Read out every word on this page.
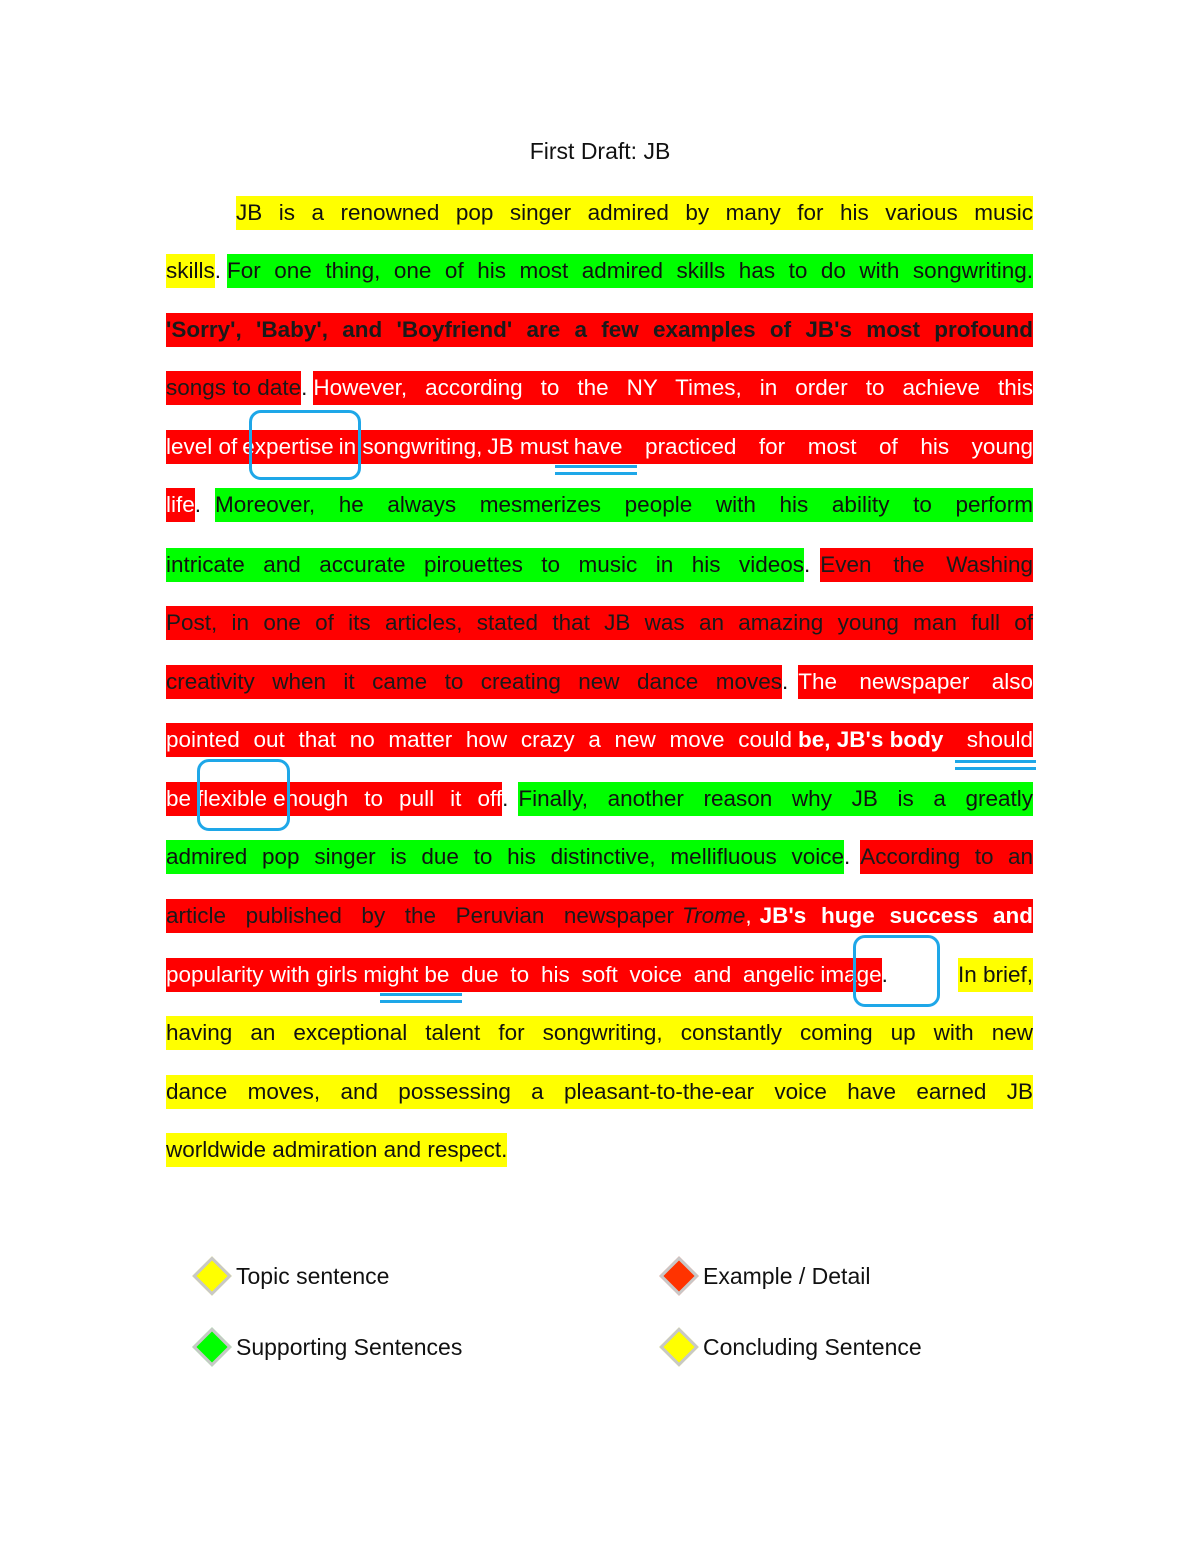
First Draft: JB
JB is a renowned pop singer admired by many for his various music
skills . For one thing, one of his most admired skills has to do with songwriting.
'Sorry', 'Baby', and 'Boyfriend' are a few examples of JB's most profound
songs to date . However, according to the NY Times, in order to achieve this
level of expertise in songwriting, JB must have practiced for most of his young
life . Moreover, he always mesmerizes people with his ability to perform
intricate and accurate pirouettes to music in his videos . Even the Washing
Post, in one of its articles, stated that JB was an amazing young man full of
creativity when it came to creating new dance moves . The newspaper also
pointed out that no matter how crazy a new move could be, JB's body	should
be flexible enough to pull it off . Finally, another reason why JB is a greatly
admired pop singer is due to his distinctive, mellifluous voice . According to an
article published by the Peruvian newspaper Trome , JB's huge success and
popularity with girls might be due to his soft voice and angelic image .	In brief,
having an exceptional talent for songwriting, constantly coming up with new
dance moves, and possessing a pleasant-to-the-ear voice have earned JB
worldwide admiration and respect.
Topic sentence
Supporting Sentences
Example / Detail
Concluding Sentence
